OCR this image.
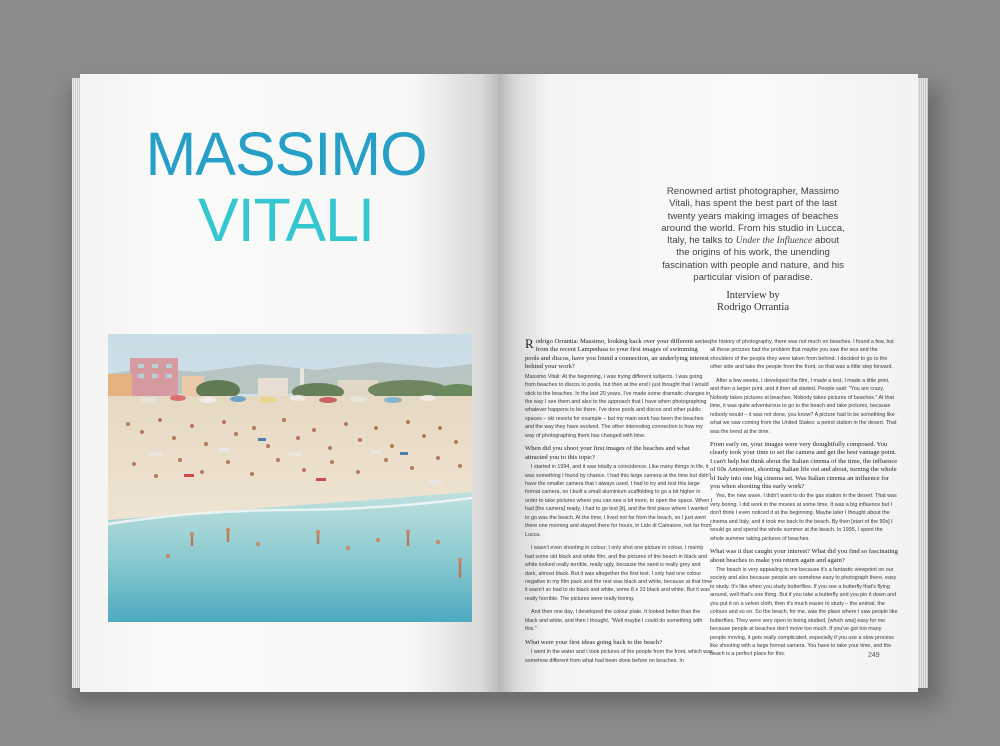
MASSIMO
VITALI	Renowned artist photographer, Massimo Vitali, has spent the best part of the last twenty years making images of beaches around the world. From his studio in Lucca, Italy, he talks to Under the Influence about the origins of his work, the unending fascination with people and nature, and his particular vision of paradise.
Interview by
Rodrigo Orrantia

Rodrigo Orrantia: Massimo, looking back over your different series, from the recent Lampedusa to your first images of swimming pools and discos, have you found a connection, an underlying interest behind your work?

Massimo Vitali: At the beginning, I was trying different subjects. I was going from beaches to discos to pools, but then at the end I just thought that I would stick to the beaches. In the last 20 years, I've made some dramatic changes in the way I see them and also to the approach that I have when photographing whatever happens to be there. I've done pools and discos and other public spaces – ski resorts for example – but my main work has been the beaches and the way they have evolved. The other interesting connection is how my way of photographing them has changed with time.

When did you shoot your first images of the beaches and what attracted you to this topic?

I started in 1994, and it was totally a coincidence. Like many things in life, it was something I found by chance. I had this large camera at the time but didn't have the smaller camera that I always used. I had to try and test this large format camera, so I built a small aluminium scaffolding to go a bit higher in order to take pictures where you can see a bit more, to open the space. When I had [the camera] ready, I had to go test [it], and the first place where I wanted to go was the beach. At the time, I lived not far from the beach, so I just went there one morning and stayed there for hours, in Lido di Camaiore, not far from Lucca.

I wasn't even shooting in colour; I only shot one picture in colour. I mainly had some old black and white film, and the pictures of the beach in black and white looked really terrible, really ugly, because the sand is really grey and dark, almost black. But it was altogether the first test. I only had one colour negative in my film pack and the rest was black and white, because at that time it wasn't so bad to do black and white, some 8 x 10 black and white. But it was really horrible. The pictures were really boring.

And then one day, I developed the colour plate. It looked better than the black and white, and then I thought, "Well maybe I could do something with this."

What were your first ideas going back to the beach?

I went in the water and I took pictures of the people from the front, which was somehow different from what had been done before on beaches. In

the history of photography, there was not much on beaches. I found a few, but all these pictures had the problem that maybe you saw the sea and the shoulders of the people they were taken from behind. I decided to go to the other side and take the people from the front, so that was a little step forward.

After a few weeks, I developed the film, I made a test, I made a little print, and then a larger print, and it then all started. People said: "You are crazy. Nobody takes pictures at beaches. Nobody takes pictures of beaches." At that time, it was quite adventurous to go to the beach and take pictures, because nobody would – it was not done, you know? A picture had to be something like what we saw coming from the United States: a petrol station in the desert. That was the trend at the time.

From early on, your images were very thoughtfully composed. You clearly took your time to set the camera and get the best vantage point. I can't help but think about the Italian cinema of the time, the influence of 60s Antonioni, shooting Italian life out and about, turning the whole of Italy into one big cinema set. Was Italian cinema an influence for you when shooting this early work?

Yes, the new wave. I didn't want to do the gas station in the desert. That was very boring. I did work in the movies at some time. It was a big influence but I don't think I even noticed it at the beginning. Maybe later I thought about the cinema and Italy, and it took me back to the beach. By then [start of the 90s] I would go and spend the whole summer at the beach. In 1995, I spent the whole summer taking pictures of beaches.

What was it that caught your interest? What did you find so fascinating about beaches to make you return again and again?

The beach is very appealing to me because it's a fantastic viewpoint on our society and also because people are somehow easy to photograph there, easy to study. It's like when you study butterflies. If you see a butterfly that's flying around, well that's one thing. But if you take a butterfly and you pin it down and you put it on a velvet cloth, then it's much easier to study – the animal, the colours and so on. So the beach, for me, was the place where I saw people like butterflies. They were very open to being studied, [which was] easy for me because people at beaches don't move too much. If you've got too many people moving, it gets really complicated, especially if you use a slow process like shooting with a large format camera. You have to take your time, and the beach is a perfect place for this.	249
